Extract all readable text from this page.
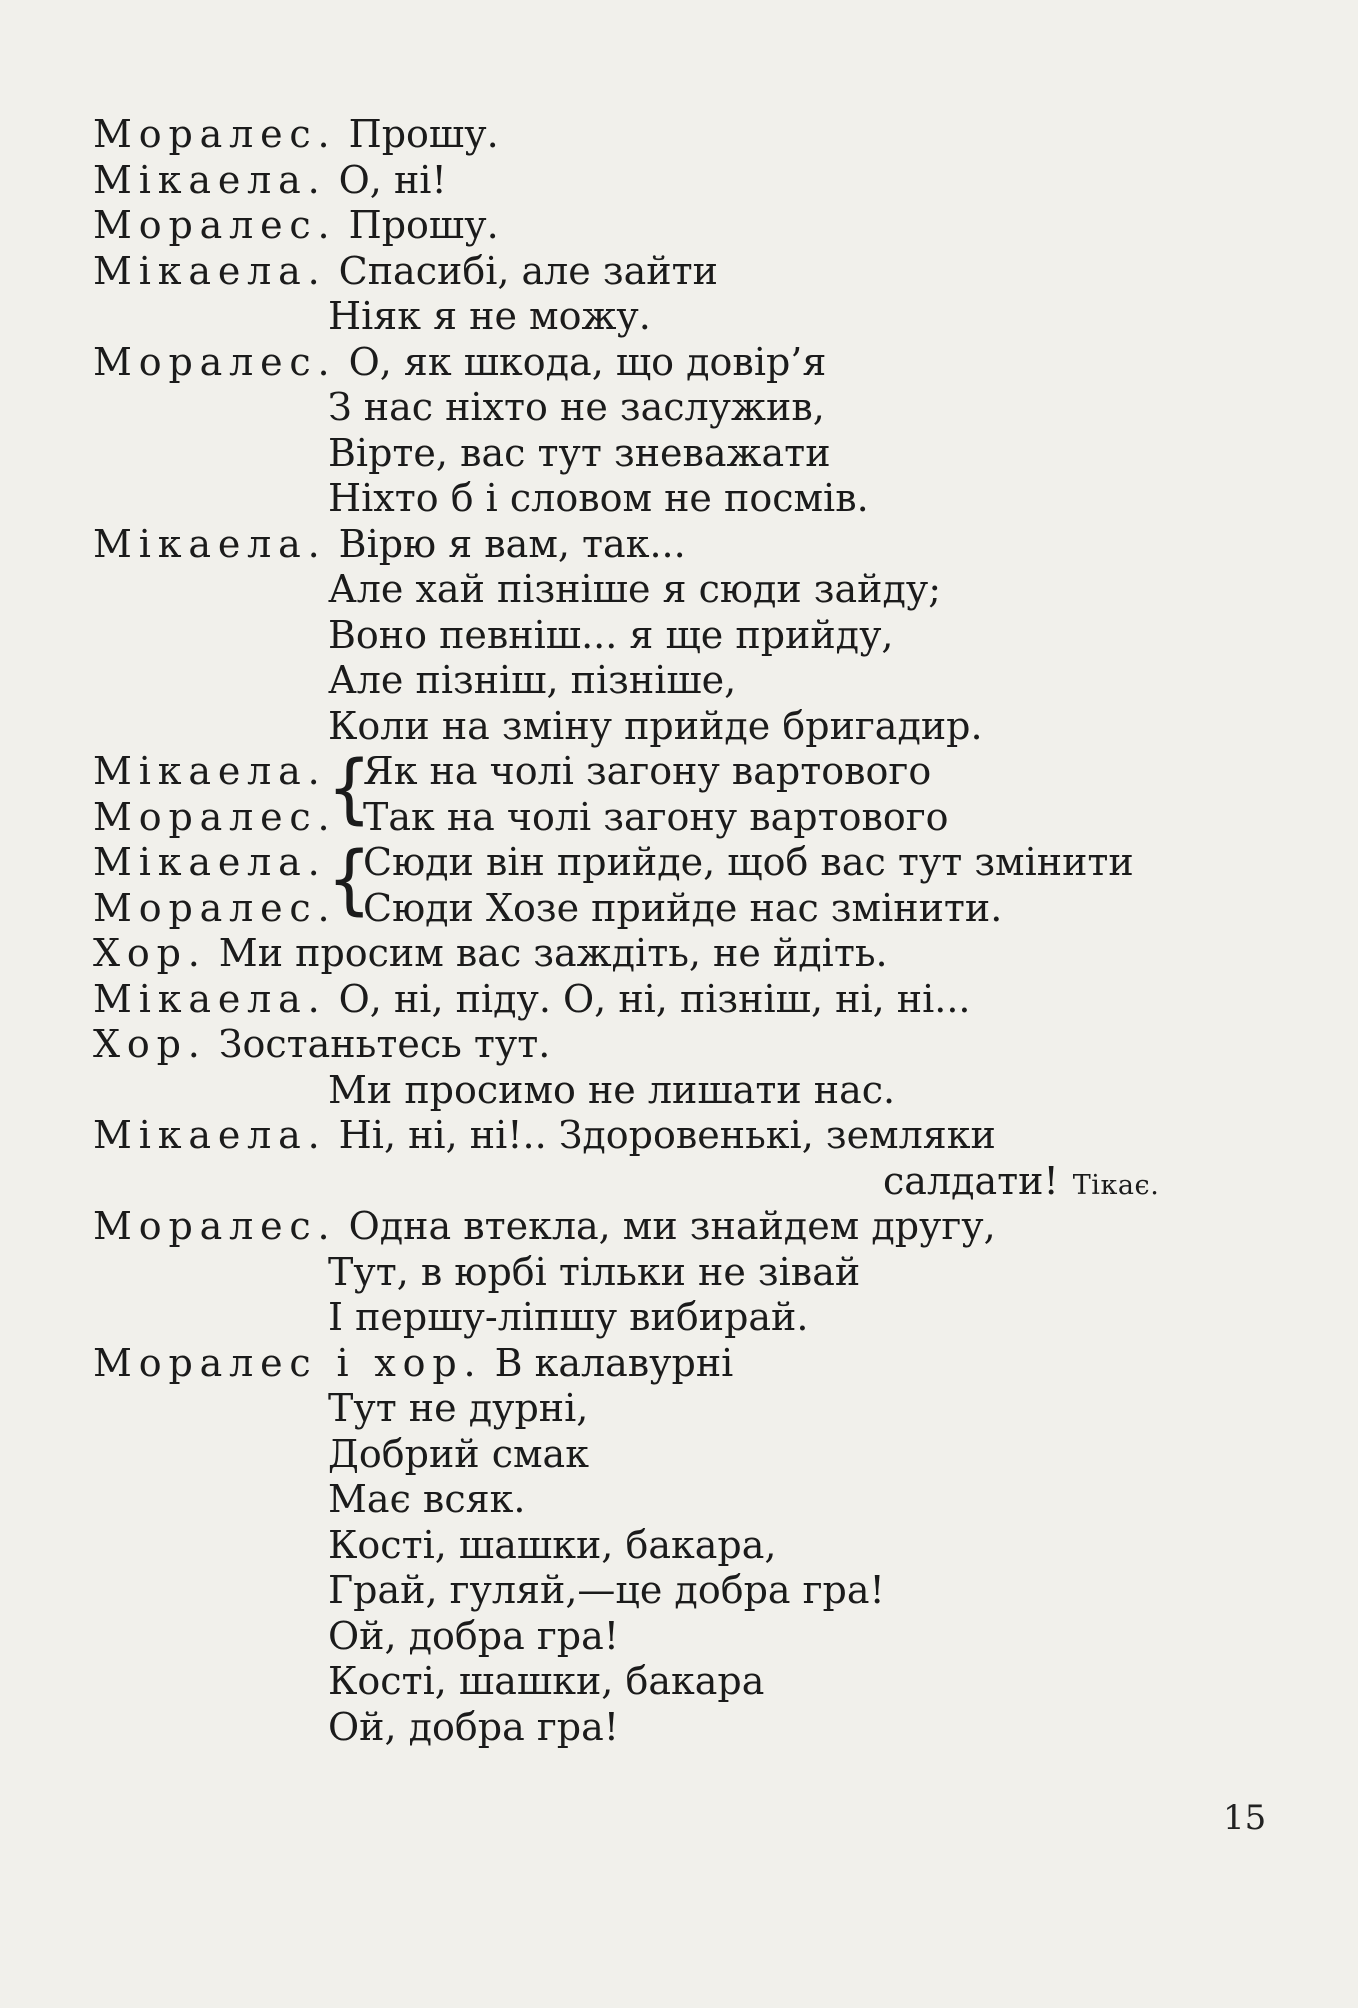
Моралес. Прошу.
Мікаела. О, ні!
Моралес. Прошу.
Мікаела. Спасибі, але зайти
Ніяк я не можу.
Моралес. О, як шкода, що довір’я
З нас ніхто не заслужив,
Вірте, вас тут зневажати
Ніхто б і словом не посмів.
Мікаела. Вірю я вам, так...
Але хай пізніше я сюди зайду;
Воно певніш... я ще прийду,
Але пізніш, пізніше,
Коли на зміну прийде бригадир.
Мікаела.
Моралес.
Мікаела.
Моралес.
{
{
Як на чолі загону вартового
Так на чолі загону вартового
Сюди він прийде, щоб вас тут змінити
Сюди Хозе прийде нас змінити.
Хор. Ми просим вас заждіть, не йдіть.
Мікаела. О, ні, піду. О, ні, пізніш, ні, ні...
Хор. Зостаньтесь тут.
Ми просимо не лишати нас.
Мікаела. Ні, ні, ні!.. Здоровенькі, земляки
салдати! Тікає.
Моралес. Одна втекла, ми знайдем другу,
Тут, в юрбі тільки не зівай
І першу-ліпшу вибирай.
Моралес і хор. В калавурні
Тут не дурні,
Добрий смак
Має всяк.
Кості, шашки, бакара,
Грай, гуляй,—це добра гра!
Ой, добра гра!
Кості, шашки, бакара
Ой, добра гра!
15
